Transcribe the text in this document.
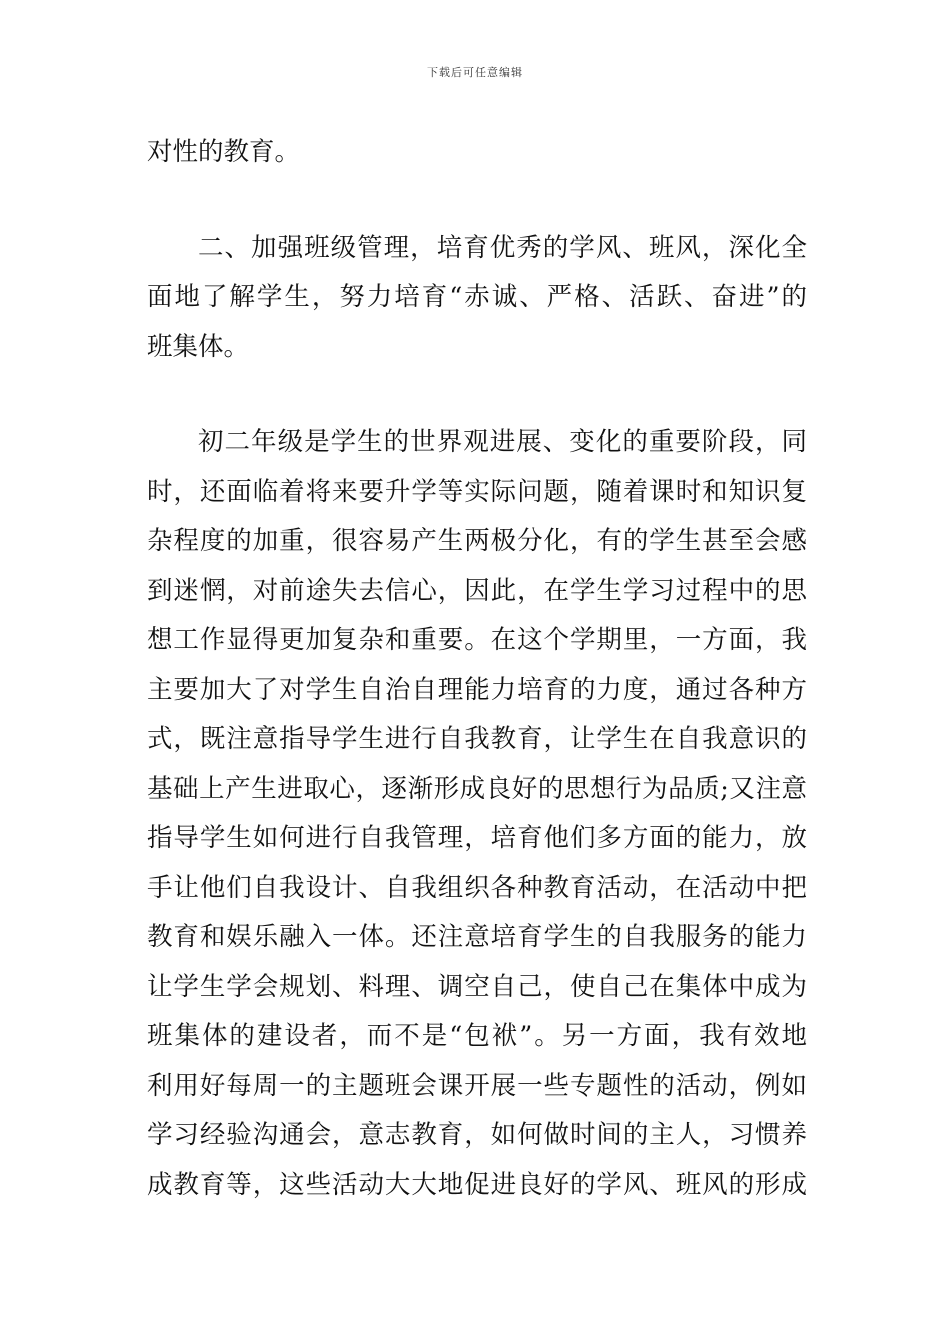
下载后可任意编辑
对性的教育。
二、加强班级管理，培育优秀的学风、班风，深化全
面地了解学生，努力培育“赤诚、严格、活跃、奋进”的
班集体。
初二年级是学生的世界观进展、变化的重要阶段，同
时，还面临着将来要升学等实际问题，随着课时和知识复
杂程度的加重，很容易产生两极分化，有的学生甚至会感
到迷惘，对前途失去信心，因此，在学生学习过程中的思
想工作显得更加复杂和重要。在这个学期里，一方面，我
主要加大了对学生自治自理能力培育的力度，通过各种方
式，既注意指导学生进行自我教育，让学生在自我意识的
基础上产生进取心，逐渐形成良好的思想行为品质;又注意
指导学生如何进行自我管理，培育他们多方面的能力，放
手让他们自我设计、自我组织各种教育活动，在活动中把
教育和娱乐融入一体。还注意培育学生的自我服务的能力
让学生学会规划、料理、调空自己，使自己在集体中成为
班集体的建设者，而不是“包袱”。另一方面，我有效地
利用好每周一的主题班会课开展一些专题性的活动，例如
学习经验沟通会，意志教育，如何做时间的主人，习惯养
成教育等，这些活动大大地促进良好的学风、班风的形成
